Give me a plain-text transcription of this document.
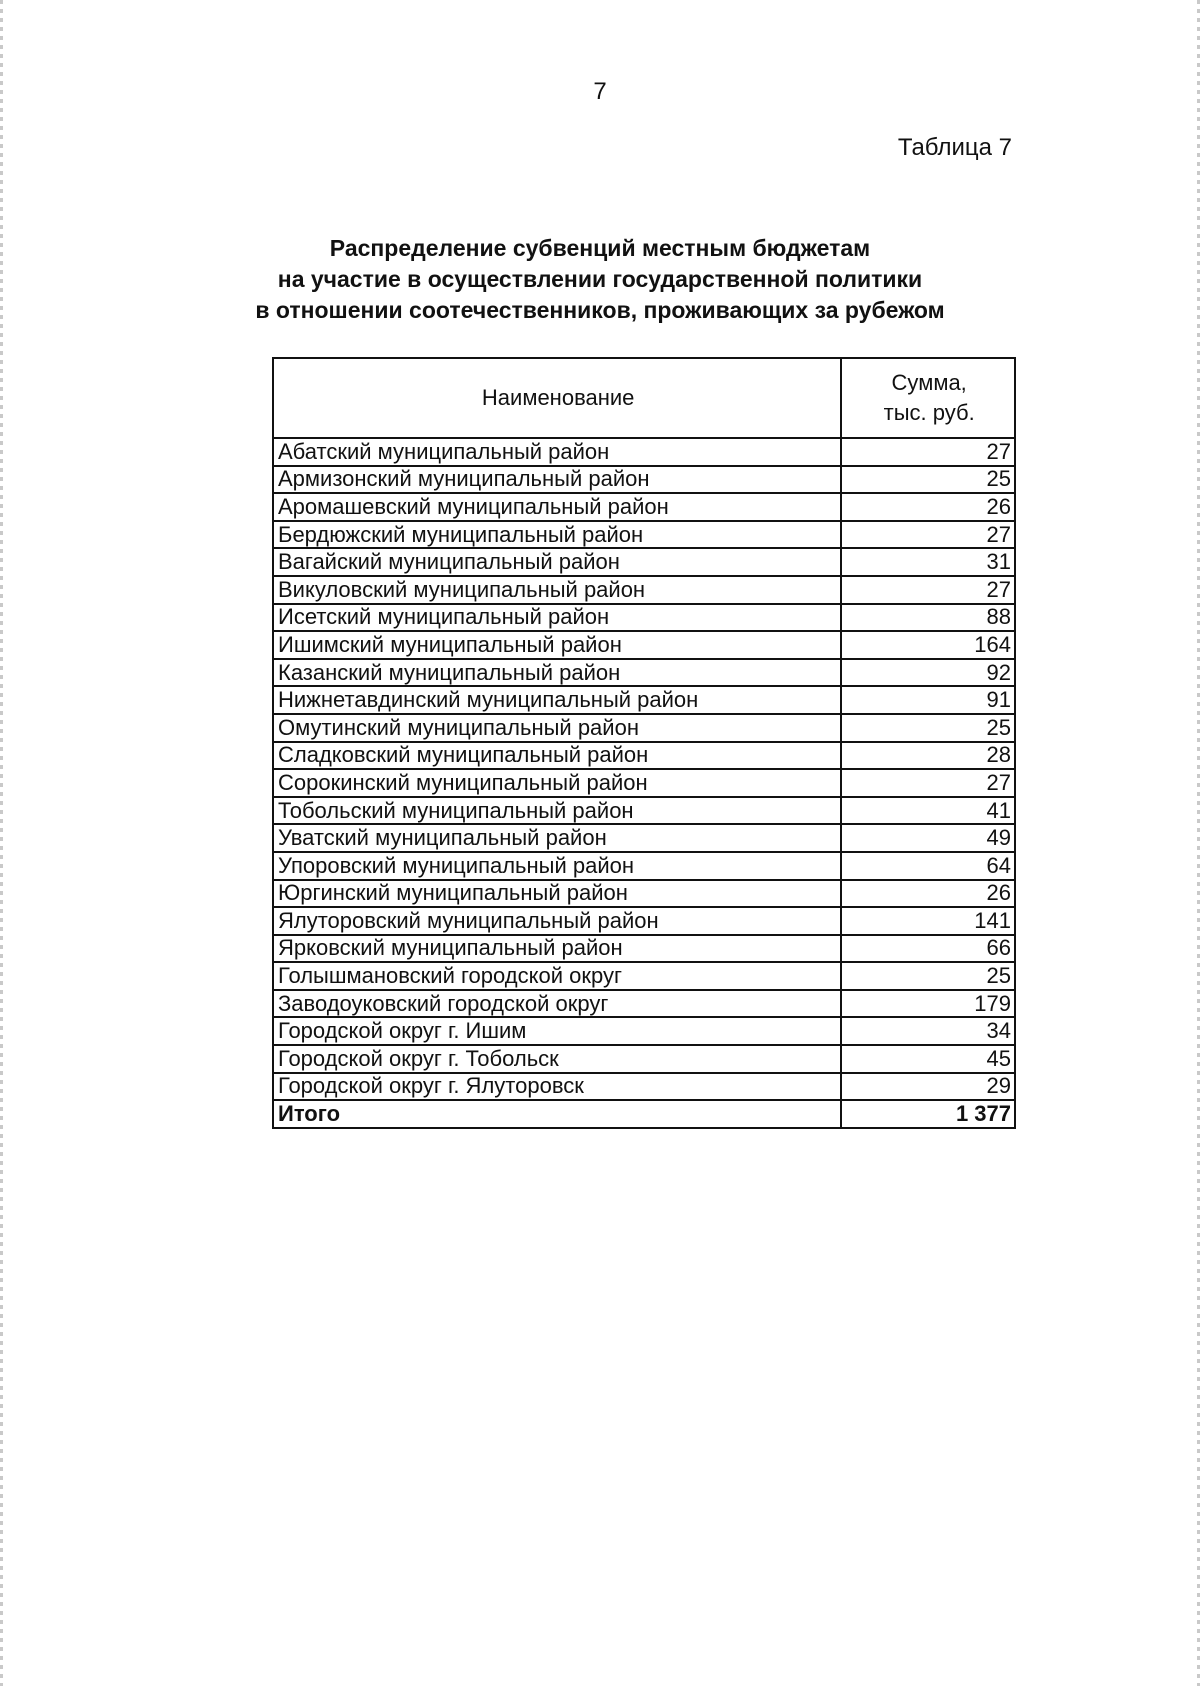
7
Таблица 7
Распределение субвенций местным бюджетам
на участие в осуществлении государственной политики
в отношении соотечественников, проживающих за рубежом
Наименование	Сумма,
тыс. руб.

Абатский муниципальный район	27
Армизонский муниципальный район	25
Аромашевский муниципальный район	26
Бердюжский муниципальный район	27
Вагайский муниципальный район	31
Викуловский муниципальный район	27
Исетский муниципальный район	88
Ишимский муниципальный район	164
Казанский муниципальный район	92
Нижнетавдинский муниципальный район	91
Омутинский муниципальный район	25
Сладковский муниципальный район	28
Сорокинский муниципальный район	27
Тобольский муниципальный район	41
Уватский муниципальный район	49
Упоровский муниципальный район	64
Юргинский муниципальный район	26
Ялуторовский муниципальный район	141
Ярковский муниципальный район	66
Голышмановский городской округ	25
Заводоуковский городской округ	179
Городской округ г. Ишим	34
Городской округ г. Тобольск	45
Городской округ г. Ялуторовск	29
Итого	1 377
